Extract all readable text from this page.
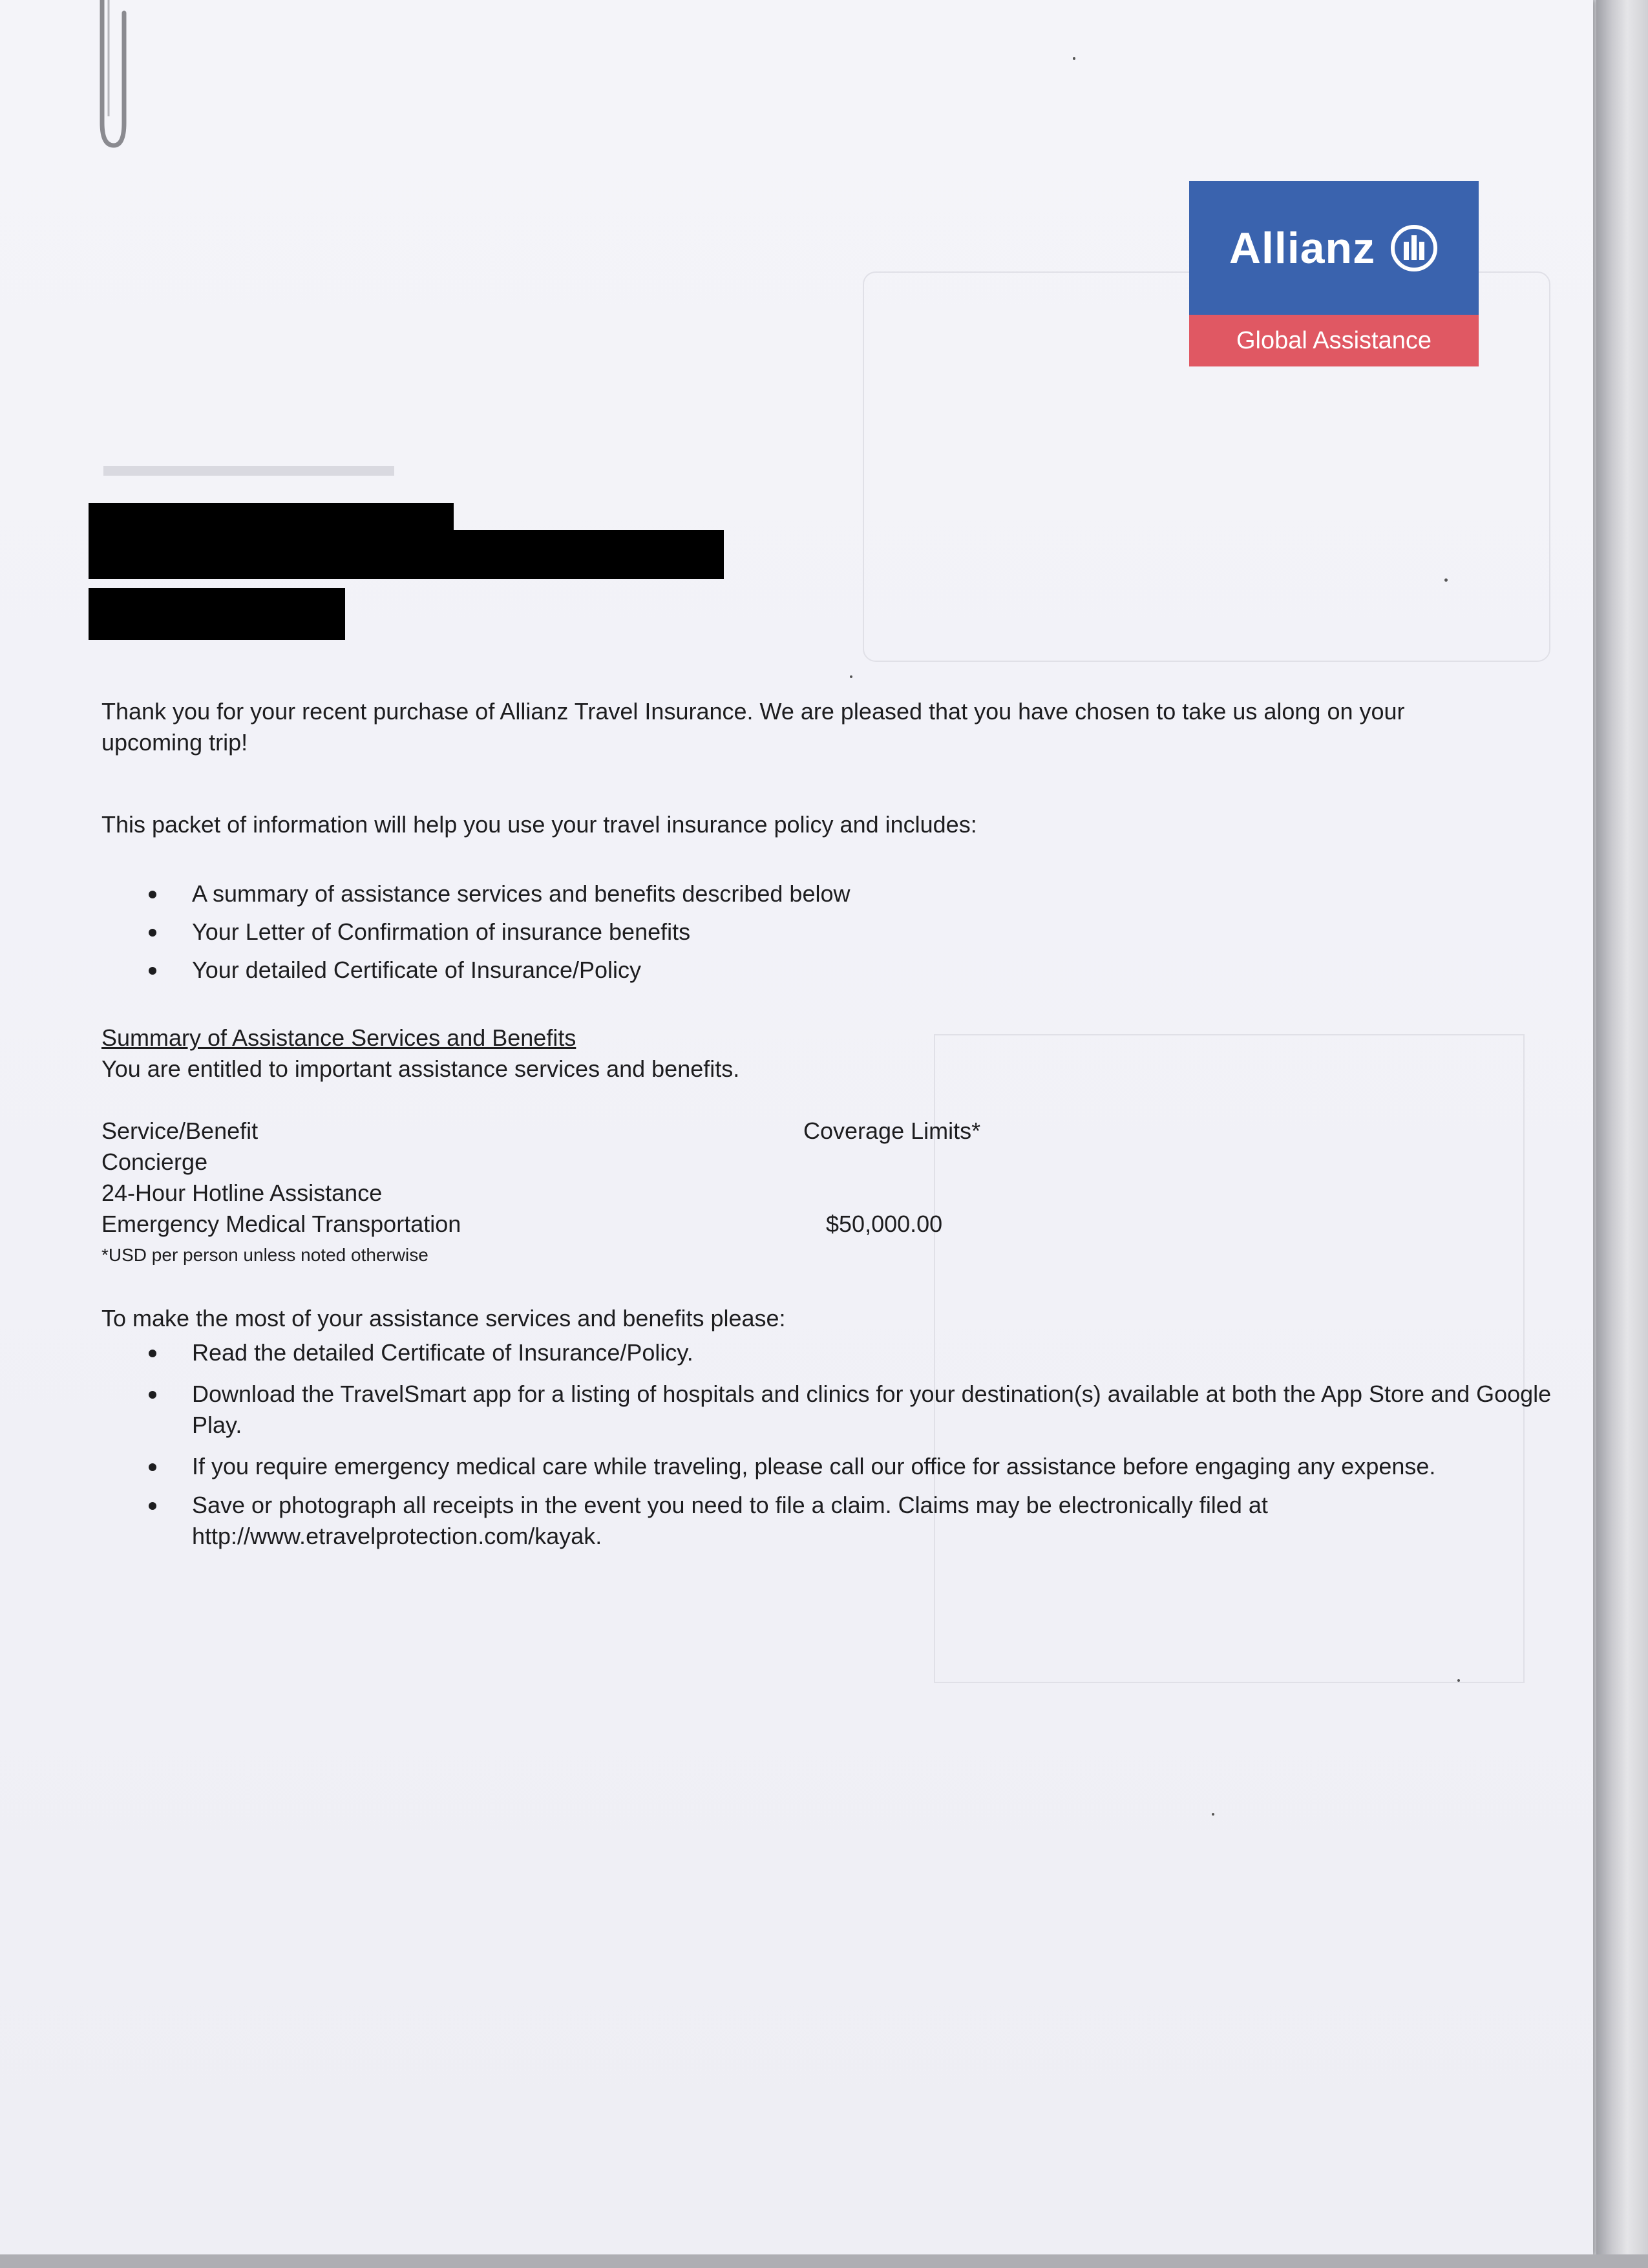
▬▬▬▬▬▬▬▬▬
Allianz
Global Assistance
Thank you for your recent purchase of Allianz Travel Insurance. We are pleased that you have chosen to take us along on your upcoming trip!
This packet of information will help you use your travel insurance policy and includes:
A summary of assistance services and benefits described below
Your Letter of Confirmation of insurance benefits
Your detailed Certificate of Insurance/Policy
Summary of Assistance Services and Benefits
You are entitled to important assistance services and benefits.
Service/Benefit	Coverage Limits*
Concierge
24-Hour Hotline Assistance
Emergency Medical Transportation	$50,000.00
*USD per person unless noted otherwise
To make the most of your assistance services and benefits please:
Read the detailed Certificate of Insurance/Policy.
Download the TravelSmart app for a listing of hospitals and clinics for your destination(s) available at both the App Store and Google Play.
If you require emergency medical care while traveling, please call our office for assistance before engaging any expense.
Save or photograph all receipts in the event you need to file a claim. Claims may be electronically filed at http://www.etravelprotection.com/kayak.
